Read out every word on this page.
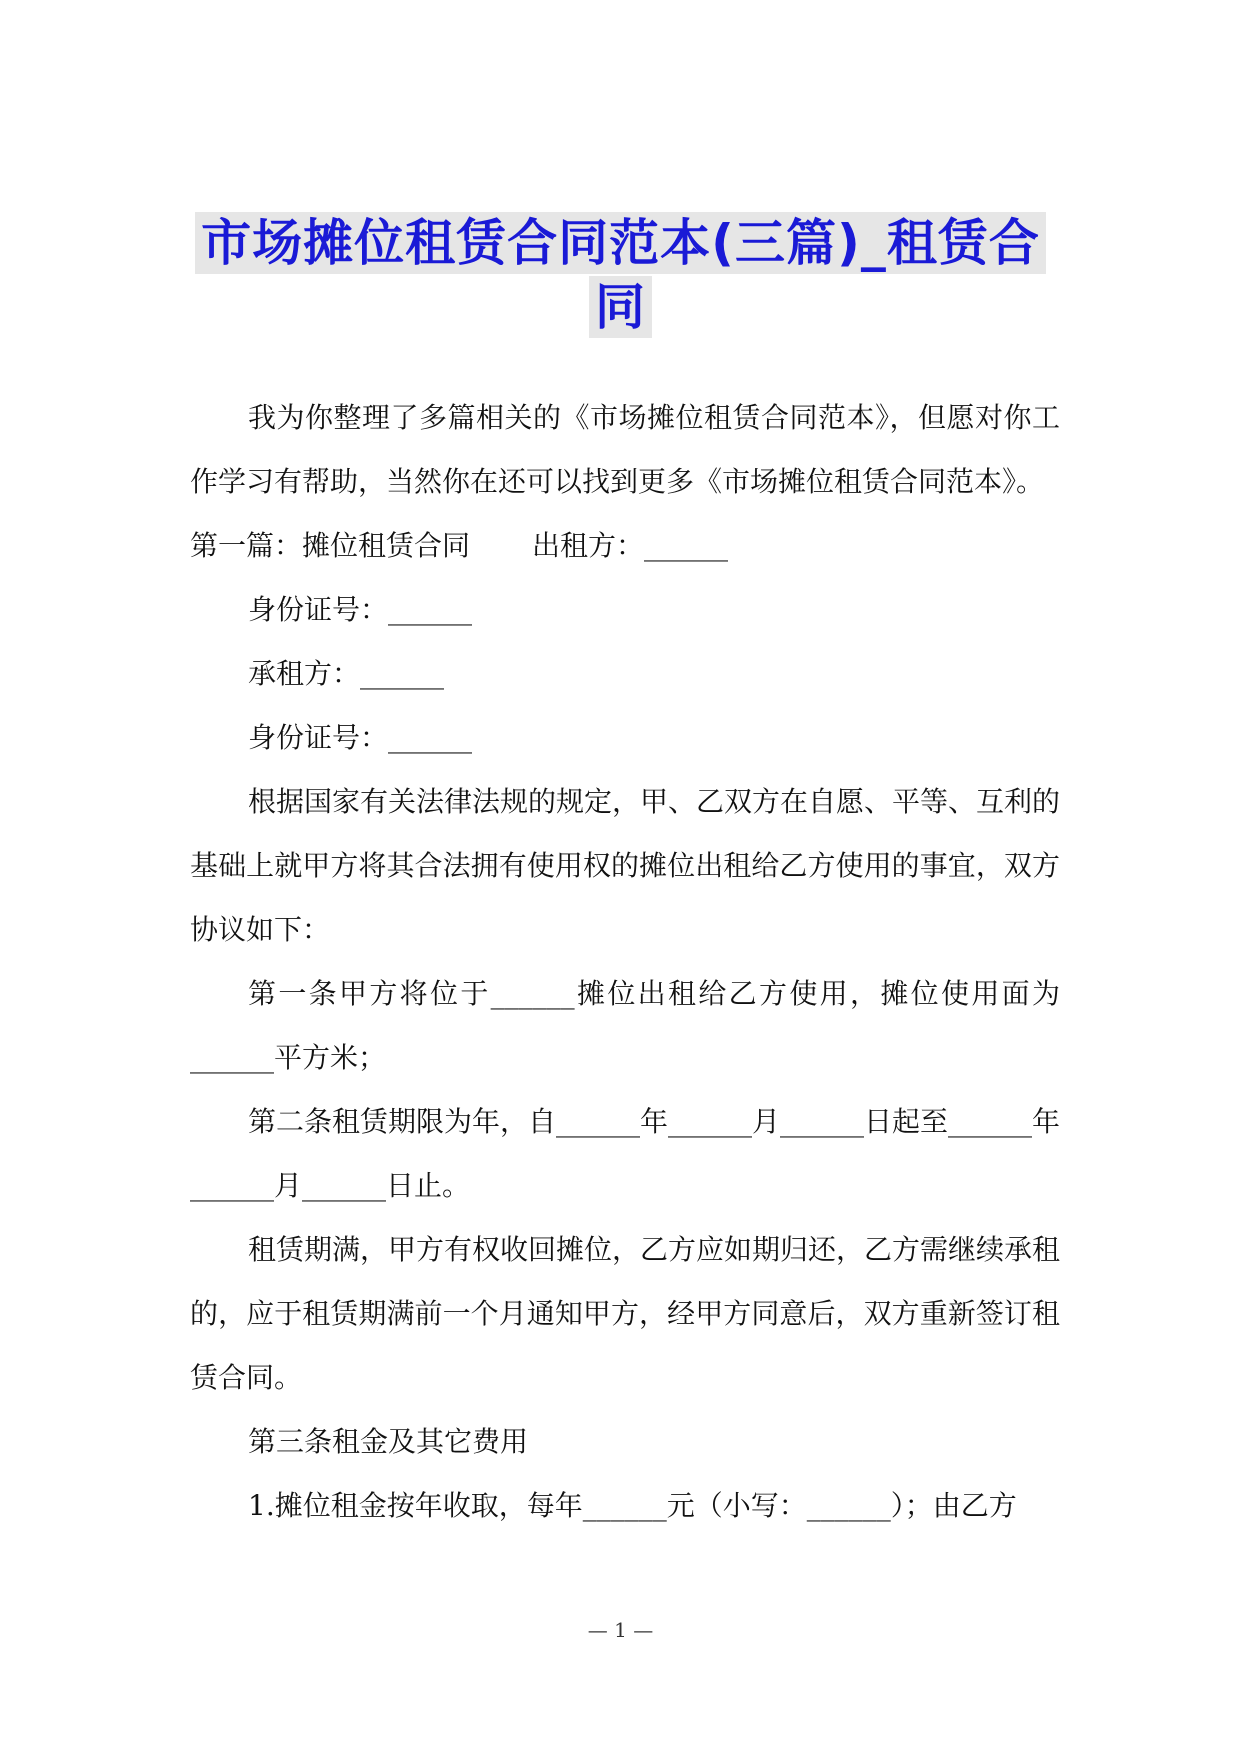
市场摊位租赁合同范本(三篇)_租赁合
同

我为你整理了多篇相关的《市场摊位租赁合同范本》，但愿对你工作学习有帮助，当然你在还可以找到更多《市场摊位租赁合同范本》。

第一篇：摊位租赁合同 出租方：______

身份证号：______

承租方：______

身份证号：______

根据国家有关法律法规的规定，甲、乙双方在自愿、平等、互利的基础上就甲方将其合法拥有使用权的摊位出租给乙方使用的事宜，双方协议如下：

第一条甲方将位于______摊位出租给乙方使用，摊位使用面为______平方米；

第二条租赁期限为年，自______年______月______日起至______年______月______日止。

租赁期满，甲方有权收回摊位，乙方应如期归还，乙方需继续承租的，应于租赁期满前一个月通知甲方，经甲方同意后，双方重新签订租赁合同。

第三条租金及其它费用

1.摊位租金按年收取，每年______元（小写：______）；由乙方

— 1 —
